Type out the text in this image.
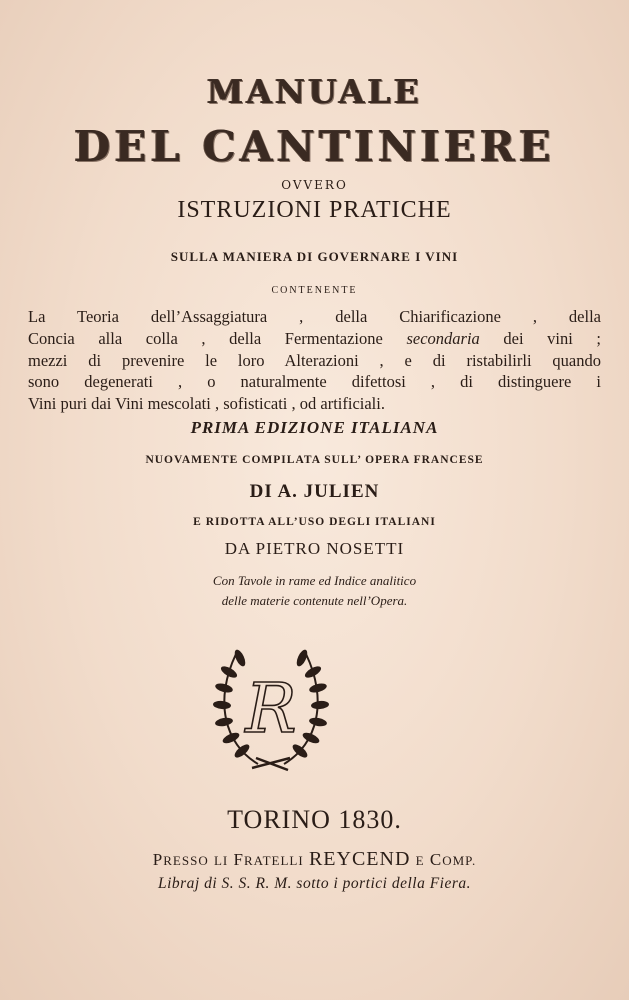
MANUALE
DEL CANTINIERE
OVVERO
ISTRUZIONI PRATICHE
SULLA MANIERA DI GOVERNARE I VINI
CONTENENTE
La Teoria dell’Assaggiatura , della Chiarificazione , della
Concia alla colla , della Fermentazione secondaria dei vini ;
mezzi di prevenire le loro Alterazioni , e di ristabilirli quando
sono degenerati , o naturalmente difettosi , di distinguere i
Vini puri dai Vini mescolati , sofisticati , od artificiali.
PRIMA EDIZIONE ITALIANA
NUOVAMENTE COMPILATA SULL’ OPERA FRANCESE
DI A. JULIEN
E RIDOTTA ALL’USO DEGLI ITALIANI
DA PIETRO NOSETTI
Con Tavole in rame ed Indice analitico
delle materie contenute nell’Opera.
R
TORINO 1830.
PRESSO LI FRATELLI REYCEND E COMP.
Libraj di S. S. R. M. sotto i portici della Fiera.
